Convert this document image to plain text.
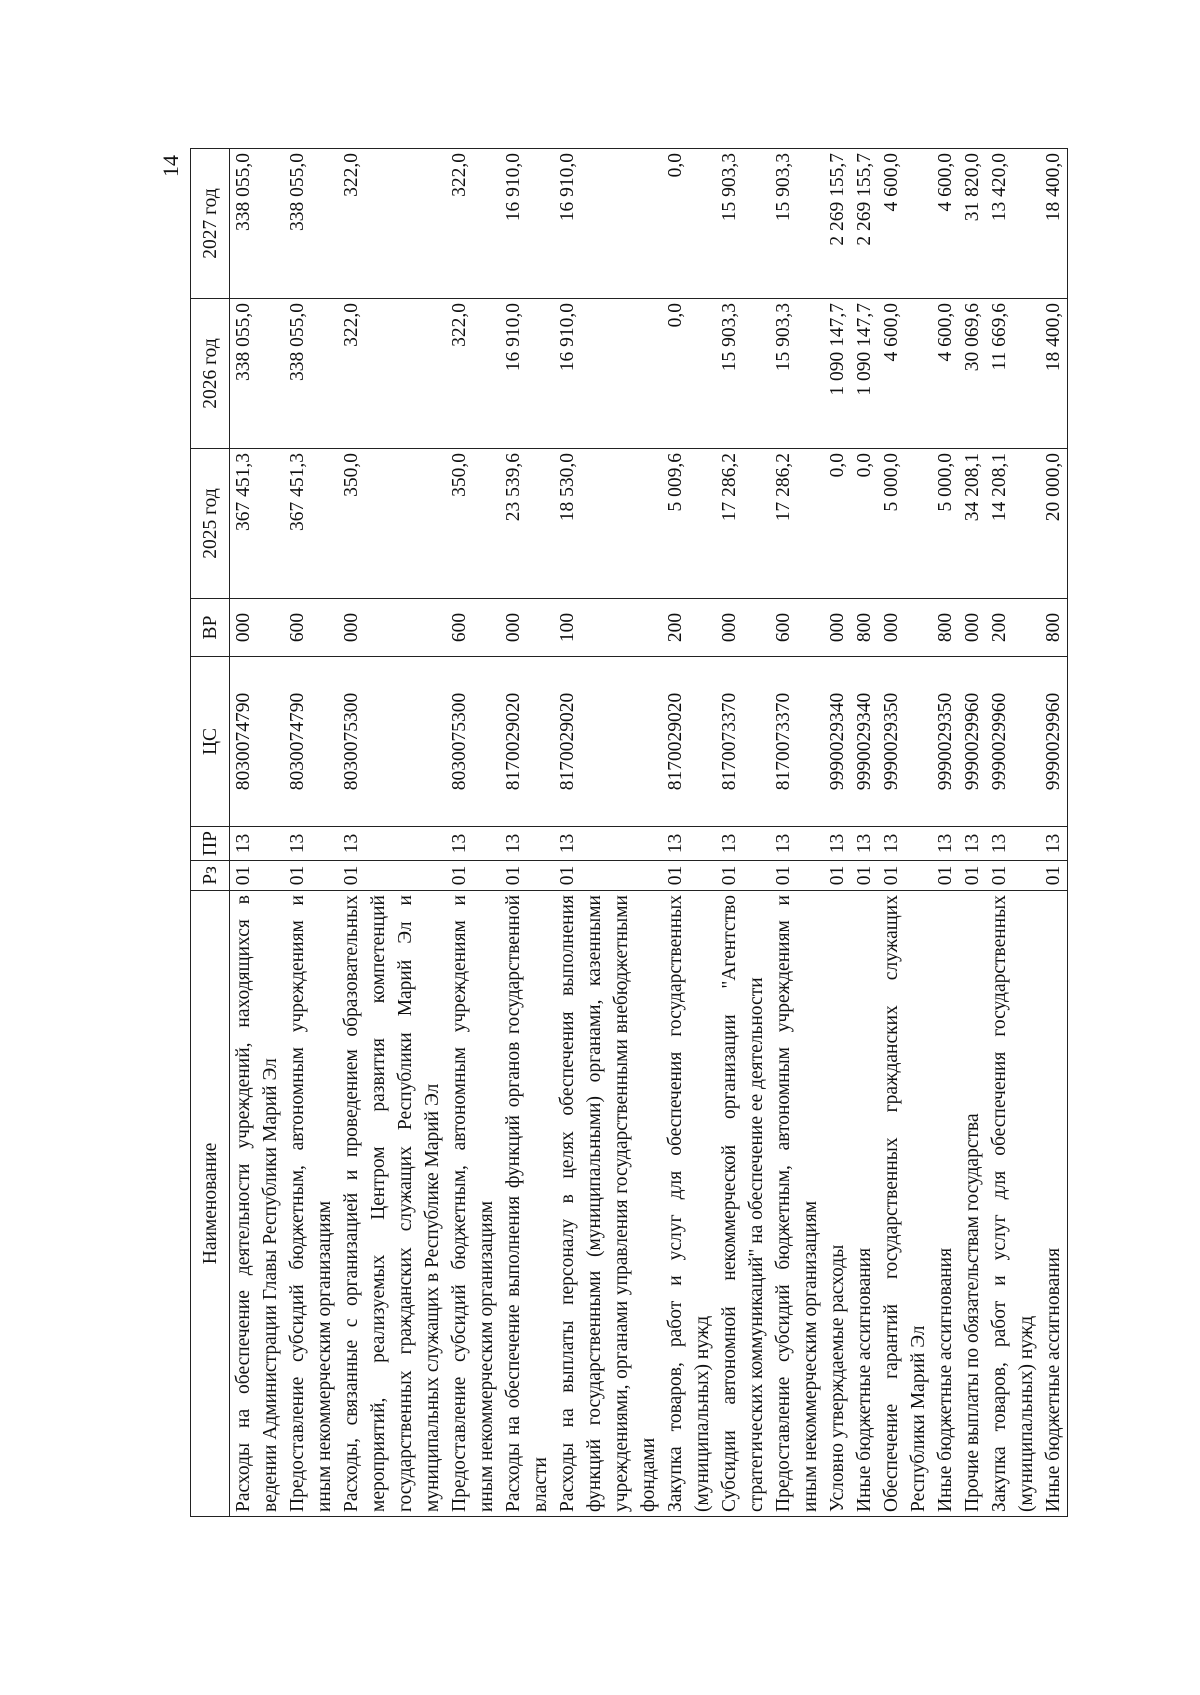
14
Наименование	Рз	ПР	ЦС	ВР	2025 год	2026 год	2027 год
Расходы на обеспечение деятельности учреждений, находящихся в ведении Администрации Главы Республики Марий Эл	01	13	8030074790	000	367 451,3	338 055,0	338 055,0
Предоставление субсидий бюджетным, автономным учреждениям и иным некоммерческим организациям	01	13	8030074790	600	367 451,3	338 055,0	338 055,0
Расходы, связанные с организацией и проведением образовательных мероприятий, реализуемых Центром развития компетенций государственных гражданских служащих Республики Марий Эл и муниципальных служащих в Республике Марий Эл	01	13	8030075300	000	350,0	322,0	322,0
Предоставление субсидий бюджетным, автономным учреждениям и иным некоммерческим организациям	01	13	8030075300	600	350,0	322,0	322,0
Расходы на обеспечение выполнения функций органов государственной власти	01	13	8170029020	000	23 539,6	16 910,0	16 910,0
Расходы на выплаты персоналу в целях обеспечения выполнения функций государственными (муниципальными) органами, казенными учреждениями, органами управления государственными внебюджетными фондами	01	13	8170029020	100	18 530,0	16 910,0	16 910,0
Закупка товаров, работ и услуг для обеспечения государственных (муниципальных) нужд	01	13	8170029020	200	5 009,6	0,0	0,0
Субсидии автономной некоммерческой организации "Агентство стратегических коммуникаций" на обеспечение ее деятельности	01	13	8170073370	000	17 286,2	15 903,3	15 903,3
Предоставление субсидий бюджетным, автономным учреждениям и иным некоммерческим организациям	01	13	8170073370	600	17 286,2	15 903,3	15 903,3
Условно утверждаемые расходы	01	13	9990029340	000	0,0	1 090 147,7	2 269 155,7
Иные бюджетные ассигнования	01	13	9990029340	800	0,0	1 090 147,7	2 269 155,7
Обеспечение гарантий государственных гражданских служащих Республики Марий Эл	01	13	9990029350	000	5 000,0	4 600,0	4 600,0
Иные бюджетные ассигнования	01	13	9990029350	800	5 000,0	4 600,0	4 600,0
Прочие выплаты по обязательствам государства	01	13	9990029960	000	34 208,1	30 069,6	31 820,0
Закупка товаров, работ и услуг для обеспечения государственных (муниципальных) нужд	01	13	9990029960	200	14 208,1	11 669,6	13 420,0
Иные бюджетные ассигнования	01	13	9990029960	800	20 000,0	18 400,0	18 400,0
